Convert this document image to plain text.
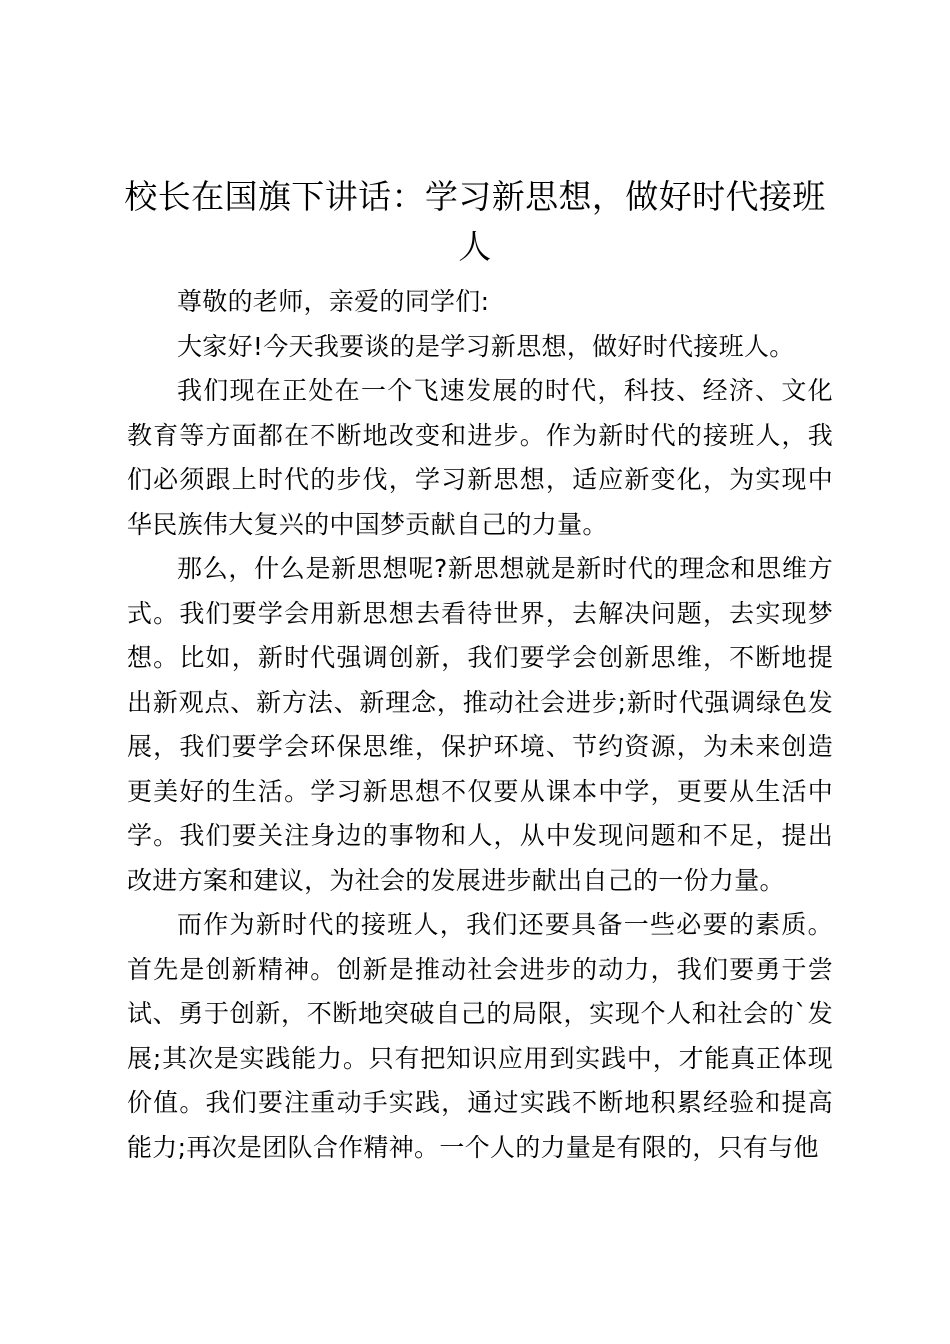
校长在国旗下讲话：学习新思想，做好时代接班人

尊敬的老师，亲爱的同学们:

大家好!今天我要谈的是学习新思想，做好时代接班人。

我们现在正处在一个飞速发展的时代，科技、经济、文化教育等方面都在不断地改变和进步。作为新时代的接班人，我们必须跟上时代的步伐，学习新思想，适应新变化，为实现中华民族伟大复兴的中国梦贡献自己的力量。

那么，什么是新思想呢?新思想就是新时代的理念和思维方式。我们要学会用新思想去看待世界，去解决问题，去实现梦想。比如，新时代强调创新，我们要学会创新思维，不断地提出新观点、新方法、新理念，推动社会进步;新时代强调绿色发展，我们要学会环保思维，保护环境、节约资源，为未来创造更美好的生活。学习新思想不仅要从课本中学，更要从生活中学。我们要关注身边的事物和人，从中发现问题和不足，提出改进方案和建议，为社会的发展进步献出自己的一份力量。

而作为新时代的接班人，我们还要具备一些必要的素质。首先是创新精神。创新是推动社会进步的动力，我们要勇于尝试、勇于创新，不断地突破自己的局限，实现个人和社会的`发展;其次是实践能力。只有把知识应用到实践中，才能真正体现价值。我们要注重动手实践，通过实践不断地积累经验和提高能力;再次是团队合作精神。一个人的力量是有限的，只有与他
